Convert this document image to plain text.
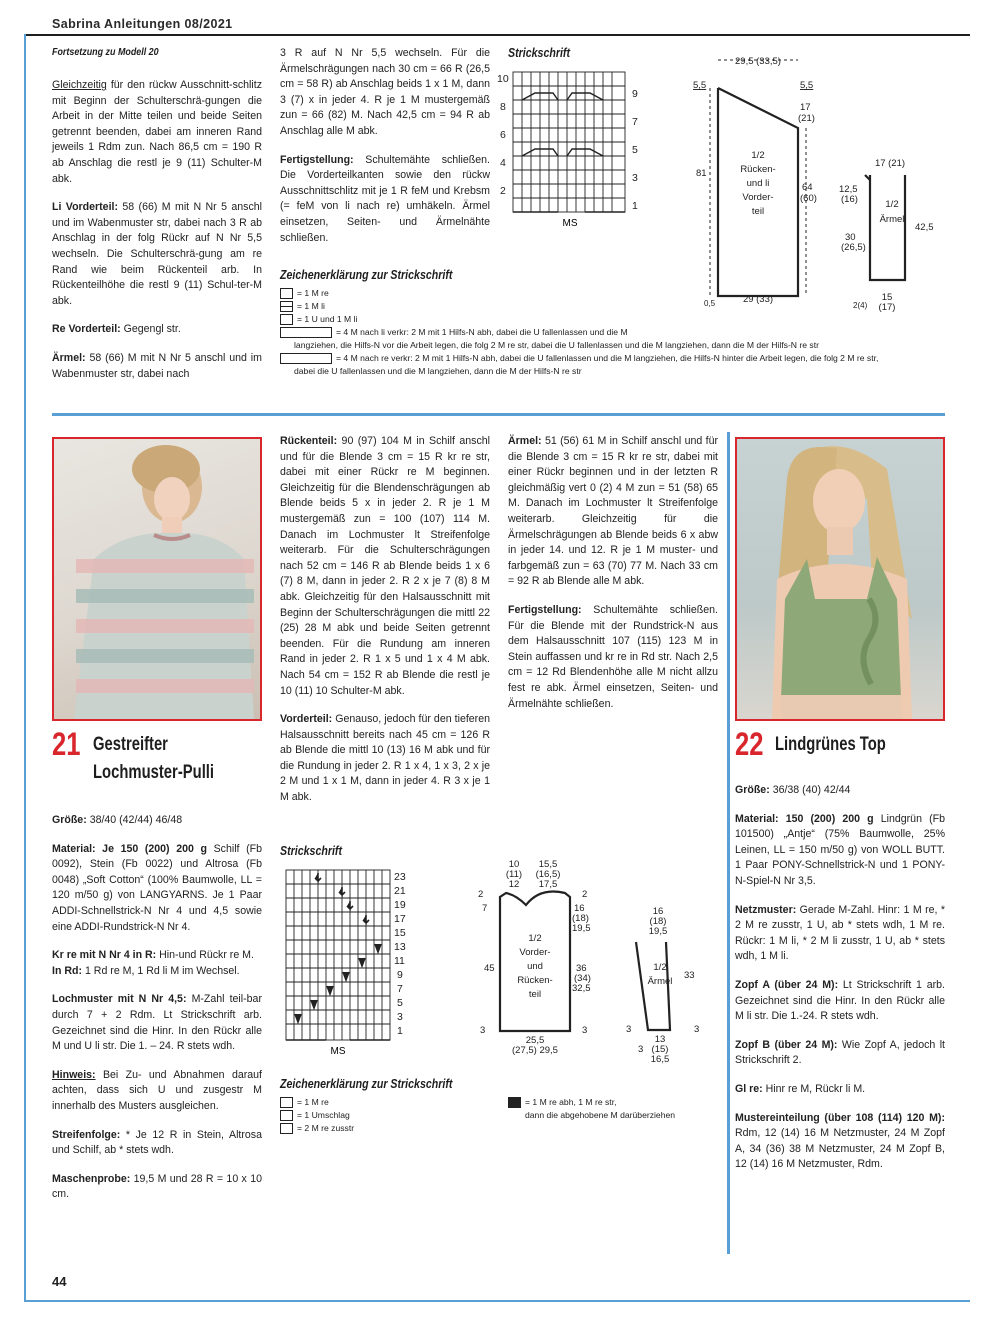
Sabrina Anleitungen 08/2021
Fortsetzung zu Modell 20

Gleichzeitig für den rückw Ausschnitt-schlitz mit Beginn der Schulterschrä-gungen die Arbeit in der Mitte teilen und beide Seiten getrennt beenden, dabei am inneren Rand jeweils 1 Rdm zun. Nach 86,5 cm = 190 R ab Anschlag die restl je 9 (11) Schulter-M abk.

Li Vorderteil: 58 (66) M mit N Nr 5 anschl und im Wabenmuster str, dabei nach 3 R ab Anschlag in der folg Rückr auf N Nr 5,5 wechseln. Die Schulterschrä-gung am re Rand wie beim Rückenteil arb. In Rückenteilhöhe die restl 9 (11) Schul-ter-M abk.

Re Vorderteil: Gegengl str.

Ärmel: 58 (66) M mit N Nr 5 anschl und im Wabenmuster str, dabei nach

3 R auf N Nr 5,5 wechseln. Für die Ärmelschrägungen nach 30 cm = 66 R (26,5 cm = 58 R) ab Anschlag beids 1 x 1 M, dann 3 (7) x in jeder 4. R je 1 M mustergemäß zun = 66 (82) M. Nach 42,5 cm = 94 R ab Anschlag alle M abk.

Fertigstellung: Schultemähte schließen. Die Vorderteilkanten sowie den rückw Ausschnittschlitz mit je 1 R feM und Krebsm (= feM von li nach re) umhäkeln. Ärmel einsetzen, Seiten- und Ärmelnähte schließen.

Strickschrift
MS
10
8
6
4
2
9
7
5
3
1
Zeichenerklärung zur Strickschrift
= 1 M re
= 1 M li
= 1 U und 1 M li
= 4 M nach li verkr: 2 M mit 1 Hilfs-N abh, dabei die U fallenlassen und die M
langziehen, die Hilfs-N vor die Arbeit legen, die folg 2 M re str, dabei die U fallenlassen und die M langziehen, dann die M der Hilfs-N re str
= 4 M nach re verkr: 2 M mit 1 Hilfs-N abh, dabei die U fallenlassen und die M langziehen, die Hilfs-N hinter die Arbeit legen, die folg 2 M re str,
dabei die U fallenlassen und die M langziehen, dann die M der Hilfs-N re str
29,5 (33,5)
5,5	5,5
17
(21)
1/2
Rücken-
und li
Vorder-
teil
81
64
(60)
29 (33)
0,5
17 (21)
12,5
(16)
30
(26,5)
1/2
Ärmel
42,5
15
(17)
2(4)
21 Gestreifter
Lochmuster-Pulli

Größe: 38/40 (42/44) 46/48

Material: Je 150 (200) 200 g Schilf (Fb 0092), Stein (Fb 0022) und Altrosa (Fb 0048) „Soft Cotton“ (100% Baumwolle, LL = 120 m/50 g) von LANGYARNS. Je 1 Paar ADDI-Schnellstrick-N Nr 4 und 4,5 sowie eine ADDI-Rundstrick-N Nr 4.

Kr re mit N Nr 4 in R: Hin-und Rückr re M.

In Rd: 1 Rd re M, 1 Rd li M im Wechsel.

Lochmuster mit N Nr 4,5: M-Zahl teil-bar durch 7 + 2 Rdm. Lt Strickschrift arb. Gezeichnet sind die Hinr. In den Rückr alle M und U li str. Die 1. – 24. R stets wdh.

Hinweis: Bei Zu- und Abnahmen darauf achten, dass sich U und zusgestr M innerhalb des Musters ausgleichen.

Streifenfolge: * Je 12 R in Stein, Altrosa und Schilf, ab * stets wdh.

Maschenprobe: 19,5 M und 28 R = 10 x 10 cm.

Rückenteil: 90 (97) 104 M in Schilf anschl und für die Blende 3 cm = 15 R kr re str, dabei mit einer Rückr re M beginnen. Gleichzeitig für die Blendenschrägungen ab Blende beids 5 x in jeder 2. R je 1 M mustergemäß zun = 100 (107) 114 M. Danach im Lochmuster lt Streifenfolge weiterarb. Für die Schulterschrägungen nach 52 cm = 146 R ab Blende beids 1 x 6 (7) 8 M, dann in jeder 2. R 2 x je 7 (8) 8 M abk. Gleichzeitig für den Halsausschnitt mit Beginn der Schulterschrägungen die mittl 22 (25) 28 M abk und beide Seiten getrennt beenden. Für die Rundung am inneren Rand in jeder 2. R 1 x 5 und 1 x 4 M abk. Nach 54 cm = 152 R ab Blende die restl je 10 (11) 10 Schulter-M abk.

Vorderteil: Genauso, jedoch für den tieferen Halsausschnitt bereits nach 45 cm = 126 R ab Blende die mittl 10 (13) 16 M abk und für die Rundung in jeder 2. R 1 x 4, 1 x 3, 2 x je 2 M und 1 x 1 M, dann in jeder 4. R 3 x je 1 M abk.

Ärmel: 51 (56) 61 M in Schilf anschl und für die Blende 3 cm = 15 R kr re str, dabei mit einer Rückr beginnen und in der letzten R gleichmäßig vert 0 (2) 4 M zun = 51 (58) 65 M. Danach im Lochmuster lt Streifenfolge weiterarb. Gleichzeitig für die Ärmelschrägungen ab Blende beids 6 x abw in jeder 14. und 12. R je 1 M muster- und farbgemäß zun = 63 (70) 77 M. Nach 33 cm = 92 R ab Blende alle M abk.

Fertigstellung: Schultemähte schließen. Für die Blende mit der Rundstrick-N aus dem Halsausschnitt 107 (115) 123 M in Stein auffassen und kr re in Rd str. Nach 2,5 cm = 12 Rd Blendenhöhe alle M nicht allzu fest re abk. Ärmel einsetzen, Seiten- und Ärmelnähte schließen.

Strickschrift
MS
23
21
19
17
15
13
11
9
7
5
3
1
10
(11)
12
15,5
(16,5)
17,5
2
7
2
16
(18)
19,5
45	36
(34)
32,5
1/2
Vorder-
und
Rücken-
teil
3	3
25,5
(27,5) 29,5
16
(18)
19,5
1/2
Ärmel
33
3	3
13
(15)
16,5
3
Zeichenerklärung zur Strickschrift
= 1 M re
= 1 Umschlag
= 2 M re zusstr
= 1 M re abh, 1 M re str,
dann die abgehobene M darüberziehen
22 Lindgrünes Top

Größe: 36/38 (40) 42/44

Material: 150 (200) 200 g Lindgrün (Fb 101500) „Antje“ (75% Baumwolle, 25% Leinen, LL = 150 m/50 g) von WOLL BUTT. 1 Paar PONY-Schnellstrick-N und 1 PONY-N-Spiel-N Nr 3,5.

Netzmuster: Gerade M-Zahl. Hinr: 1 M re, * 2 M re zusstr, 1 U, ab * stets wdh, 1 M re. Rückr: 1 M li, * 2 M li zusstr, 1 U, ab * stets wdh, 1 M li.

Zopf A (über 24 M): Lt Strickschrift 1 arb. Gezeichnet sind die Hinr. In den Rückr alle M li str. Die 1.-24. R stets wdh.

Zopf B (über 24 M): Wie Zopf A, jedoch lt Strickschrift 2.

Gl re: Hinr re M, Rückr li M.

Mustereinteilung (über 108 (114) 120 M): Rdm, 12 (14) 16 M Netzmuster, 24 M Zopf A, 34 (36) 38 M Netzmuster, 24 M Zopf B, 12 (14) 16 M Netzmuster, Rdm.

44
